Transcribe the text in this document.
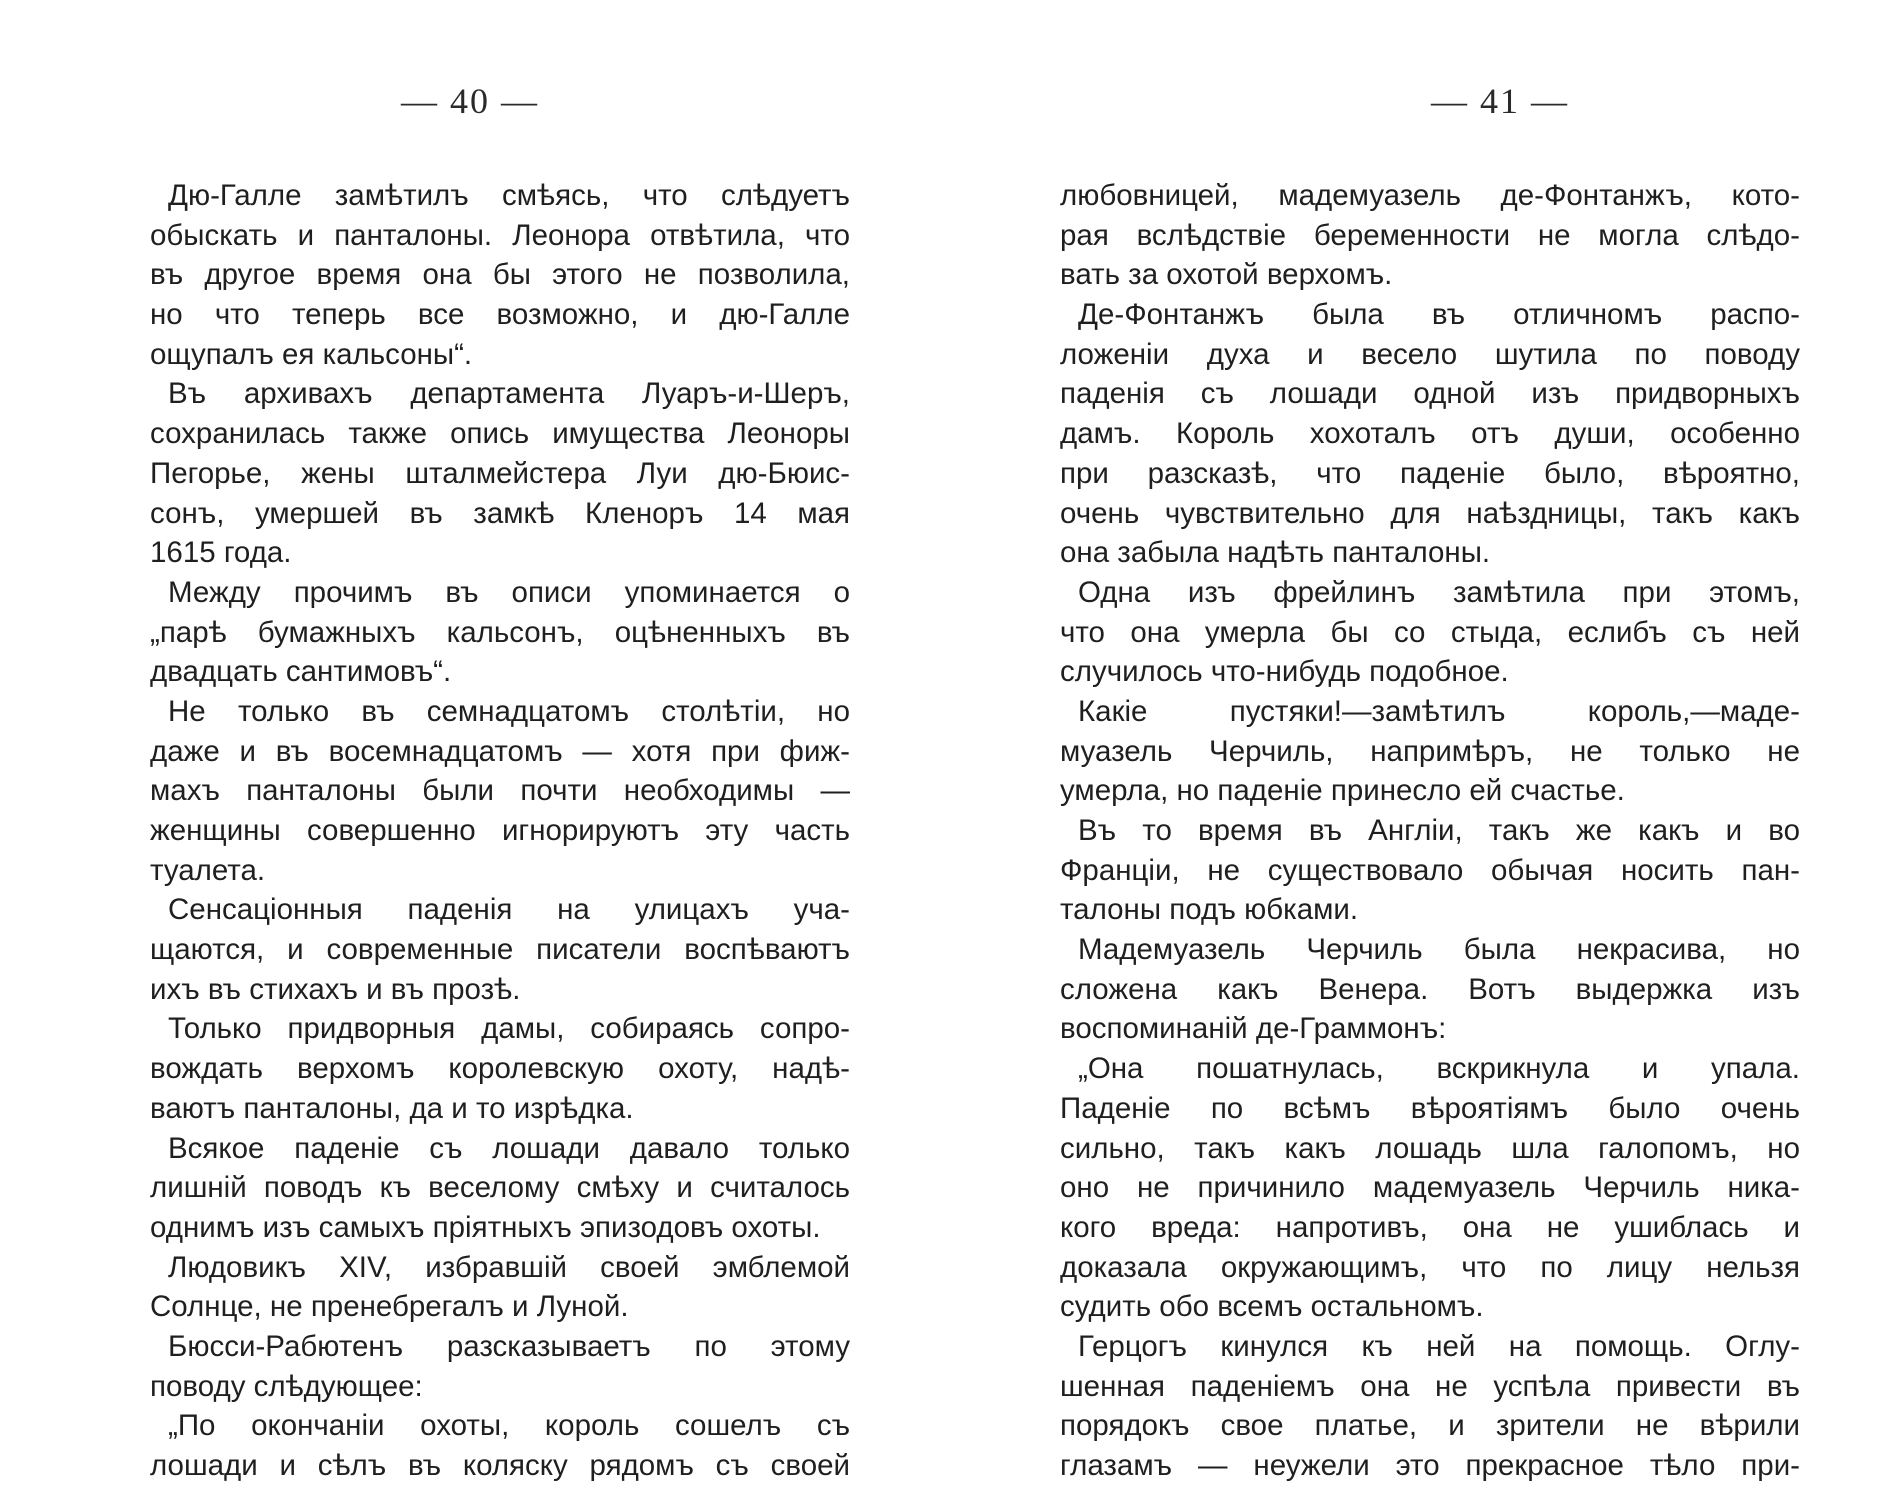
— 40 —
Дю-Галле замѣтилъ смѣясь, что слѣдуетъ
обыскать и панталоны. Леонора отвѣтила, что
въ другое время она бы этого не позволила,
но что теперь все возможно, и дю-Галле
ощупалъ ея кальсоны“.
Въ архивахъ департамента Луаръ-и-Шеръ,
сохранилась также опись имущества Леоноры
Пегорье, жены шталмейстера Луи дю-Бюис-
сонъ, умершей въ замкѣ Кленоръ 14 мая
1615 года.
Между прочимъ въ описи упоминается о
„парѣ бумажныхъ кальсонъ, оцѣненныхъ въ
двадцать сантимовъ“.
Не только въ семнадцатомъ столѣтіи, но
даже и въ восемнадцатомъ — хотя при фиж-
махъ панталоны были почти необходимы —
женщины совершенно игнорируютъ эту часть
туалета.
Сенсаціонныя паденія на улицахъ уча-
щаются, и современные писатели воспѣваютъ
ихъ въ стихахъ и въ прозѣ.
Только придворныя дамы, собираясь сопро-
вождать верхомъ королевскую охоту, надѣ-
ваютъ панталоны, да и то изрѣдка.
Всякое паденіе съ лошади давало только
лишній поводъ къ веселому смѣху и считалось
однимъ изъ самыхъ пріятныхъ эпизодовъ охоты.
Людовикъ XIV, избравшій своей эмблемой
Солнце, не пренебрегалъ и Луной.
Бюсси-Рабютенъ разсказываетъ по этому
поводу слѣдующее:
„По окончаніи охоты, король сошелъ съ
лошади и сѣлъ въ коляску рядомъ съ своей
— 41 —
любовницей, мадемуазель де-Фонтанжъ, кото-
рая вслѣдствіе беременности не могла слѣдо-
вать за охотой верхомъ.
Де-Фонтанжъ была въ отличномъ распо-
ложеніи духа и весело шутила по поводу
паденія съ лошади одной изъ придворныхъ
дамъ. Король хохоталъ отъ души, особенно
при разсказѣ, что паденіе было, вѣроятно,
очень чувствительно для наѣздницы, такъ какъ
она забыла надѣть панталоны.
Одна изъ фрейлинъ замѣтила при этомъ,
что она умерла бы со стыда, еслибъ съ ней
случилось что-нибудь подобное.
Какіе пустяки!—замѣтилъ король,—маде-
муазель Черчиль, напримѣръ, не только не
умерла, но паденіе принесло ей счастье.
Въ то время въ Англіи, такъ же какъ и во
Франціи, не существовало обычая носить пан-
талоны подъ юбками.
Мадемуазель Черчиль была некрасива, но
сложена какъ Венера. Вотъ выдержка изъ
воспоминаній де-Граммонъ:
„Она пошатнулась, вскрикнула и упала.
Паденіе по всѣмъ вѣроятіямъ было очень
сильно, такъ какъ лошадь шла галопомъ, но
оно не причинило мадемуазель Черчиль ника-
кого вреда: напротивъ, она не ушиблась и
доказала окружающимъ, что по лицу нельзя
судить обо всемъ остальномъ.
Герцогъ кинулся къ ней на помощь. Оглу-
шенная паденіемъ она не успѣла привести въ
порядокъ свое платье, и зрители не вѣрили
глазамъ — неужели это прекрасное тѣло при-
